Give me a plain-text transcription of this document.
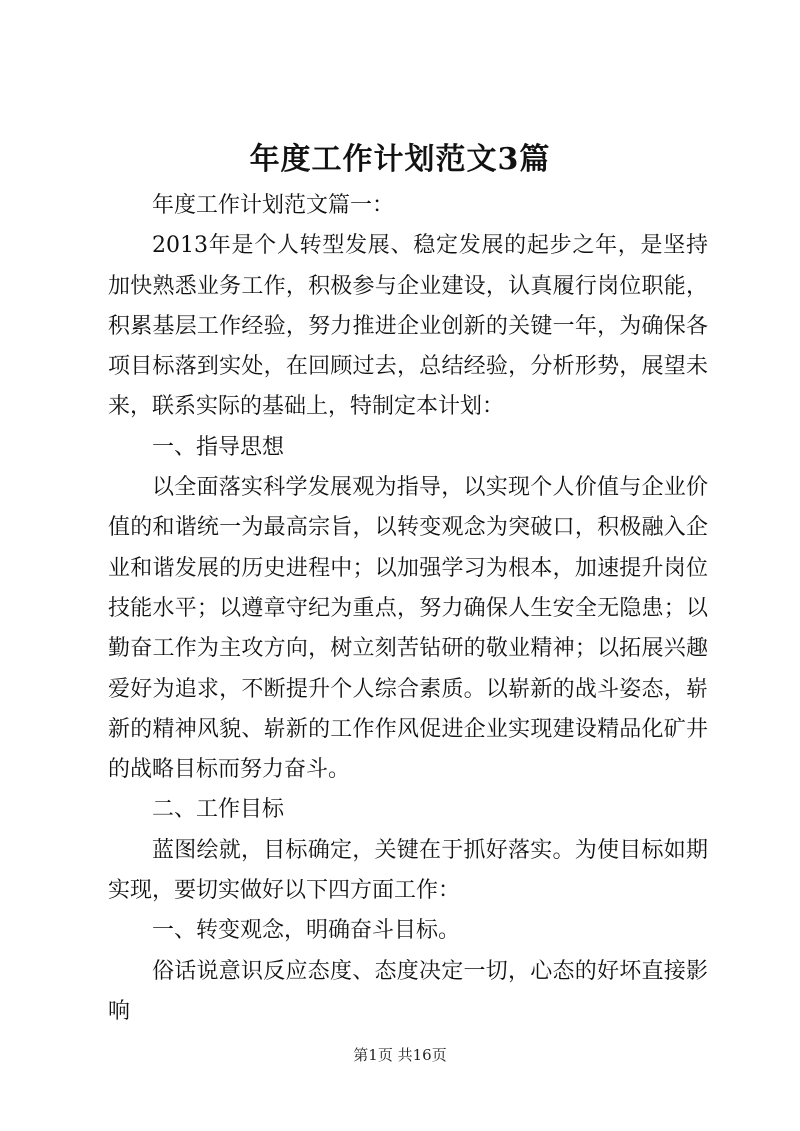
年度工作计划范文3篇

年度工作计划范文篇一：

2013年是个人转型发展、稳定发展的起步之年，是坚持加快熟悉业务工作，积极参与企业建设，认真履行岗位职能，积累基层工作经验，努力推进企业创新的关键一年，为确保各项目标落到实处，在回顾过去，总结经验，分析形势，展望未来，联系实际的基础上，特制定本计划：

一、指导思想

以全面落实科学发展观为指导，以实现个人价值与企业价值的和谐统一为最高宗旨，以转变观念为突破口，积极融入企业和谐发展的历史进程中；以加强学习为根本，加速提升岗位技能水平；以遵章守纪为重点，努力确保人生安全无隐患；以勤奋工作为主攻方向，树立刻苦钻研的敬业精神；以拓展兴趣爱好为追求，不断提升个人综合素质。以崭新的战斗姿态，崭新的精神风貌、崭新的工作作风促进企业实现建设精品化矿井的战略目标而努力奋斗。

二、工作目标

蓝图绘就，目标确定，关键在于抓好落实。为使目标如期实现，要切实做好以下四方面工作：

一、转变观念，明确奋斗目标。

俗话说意识反应态度、态度决定一切，心态的好坏直接影响

第1页 共16页
